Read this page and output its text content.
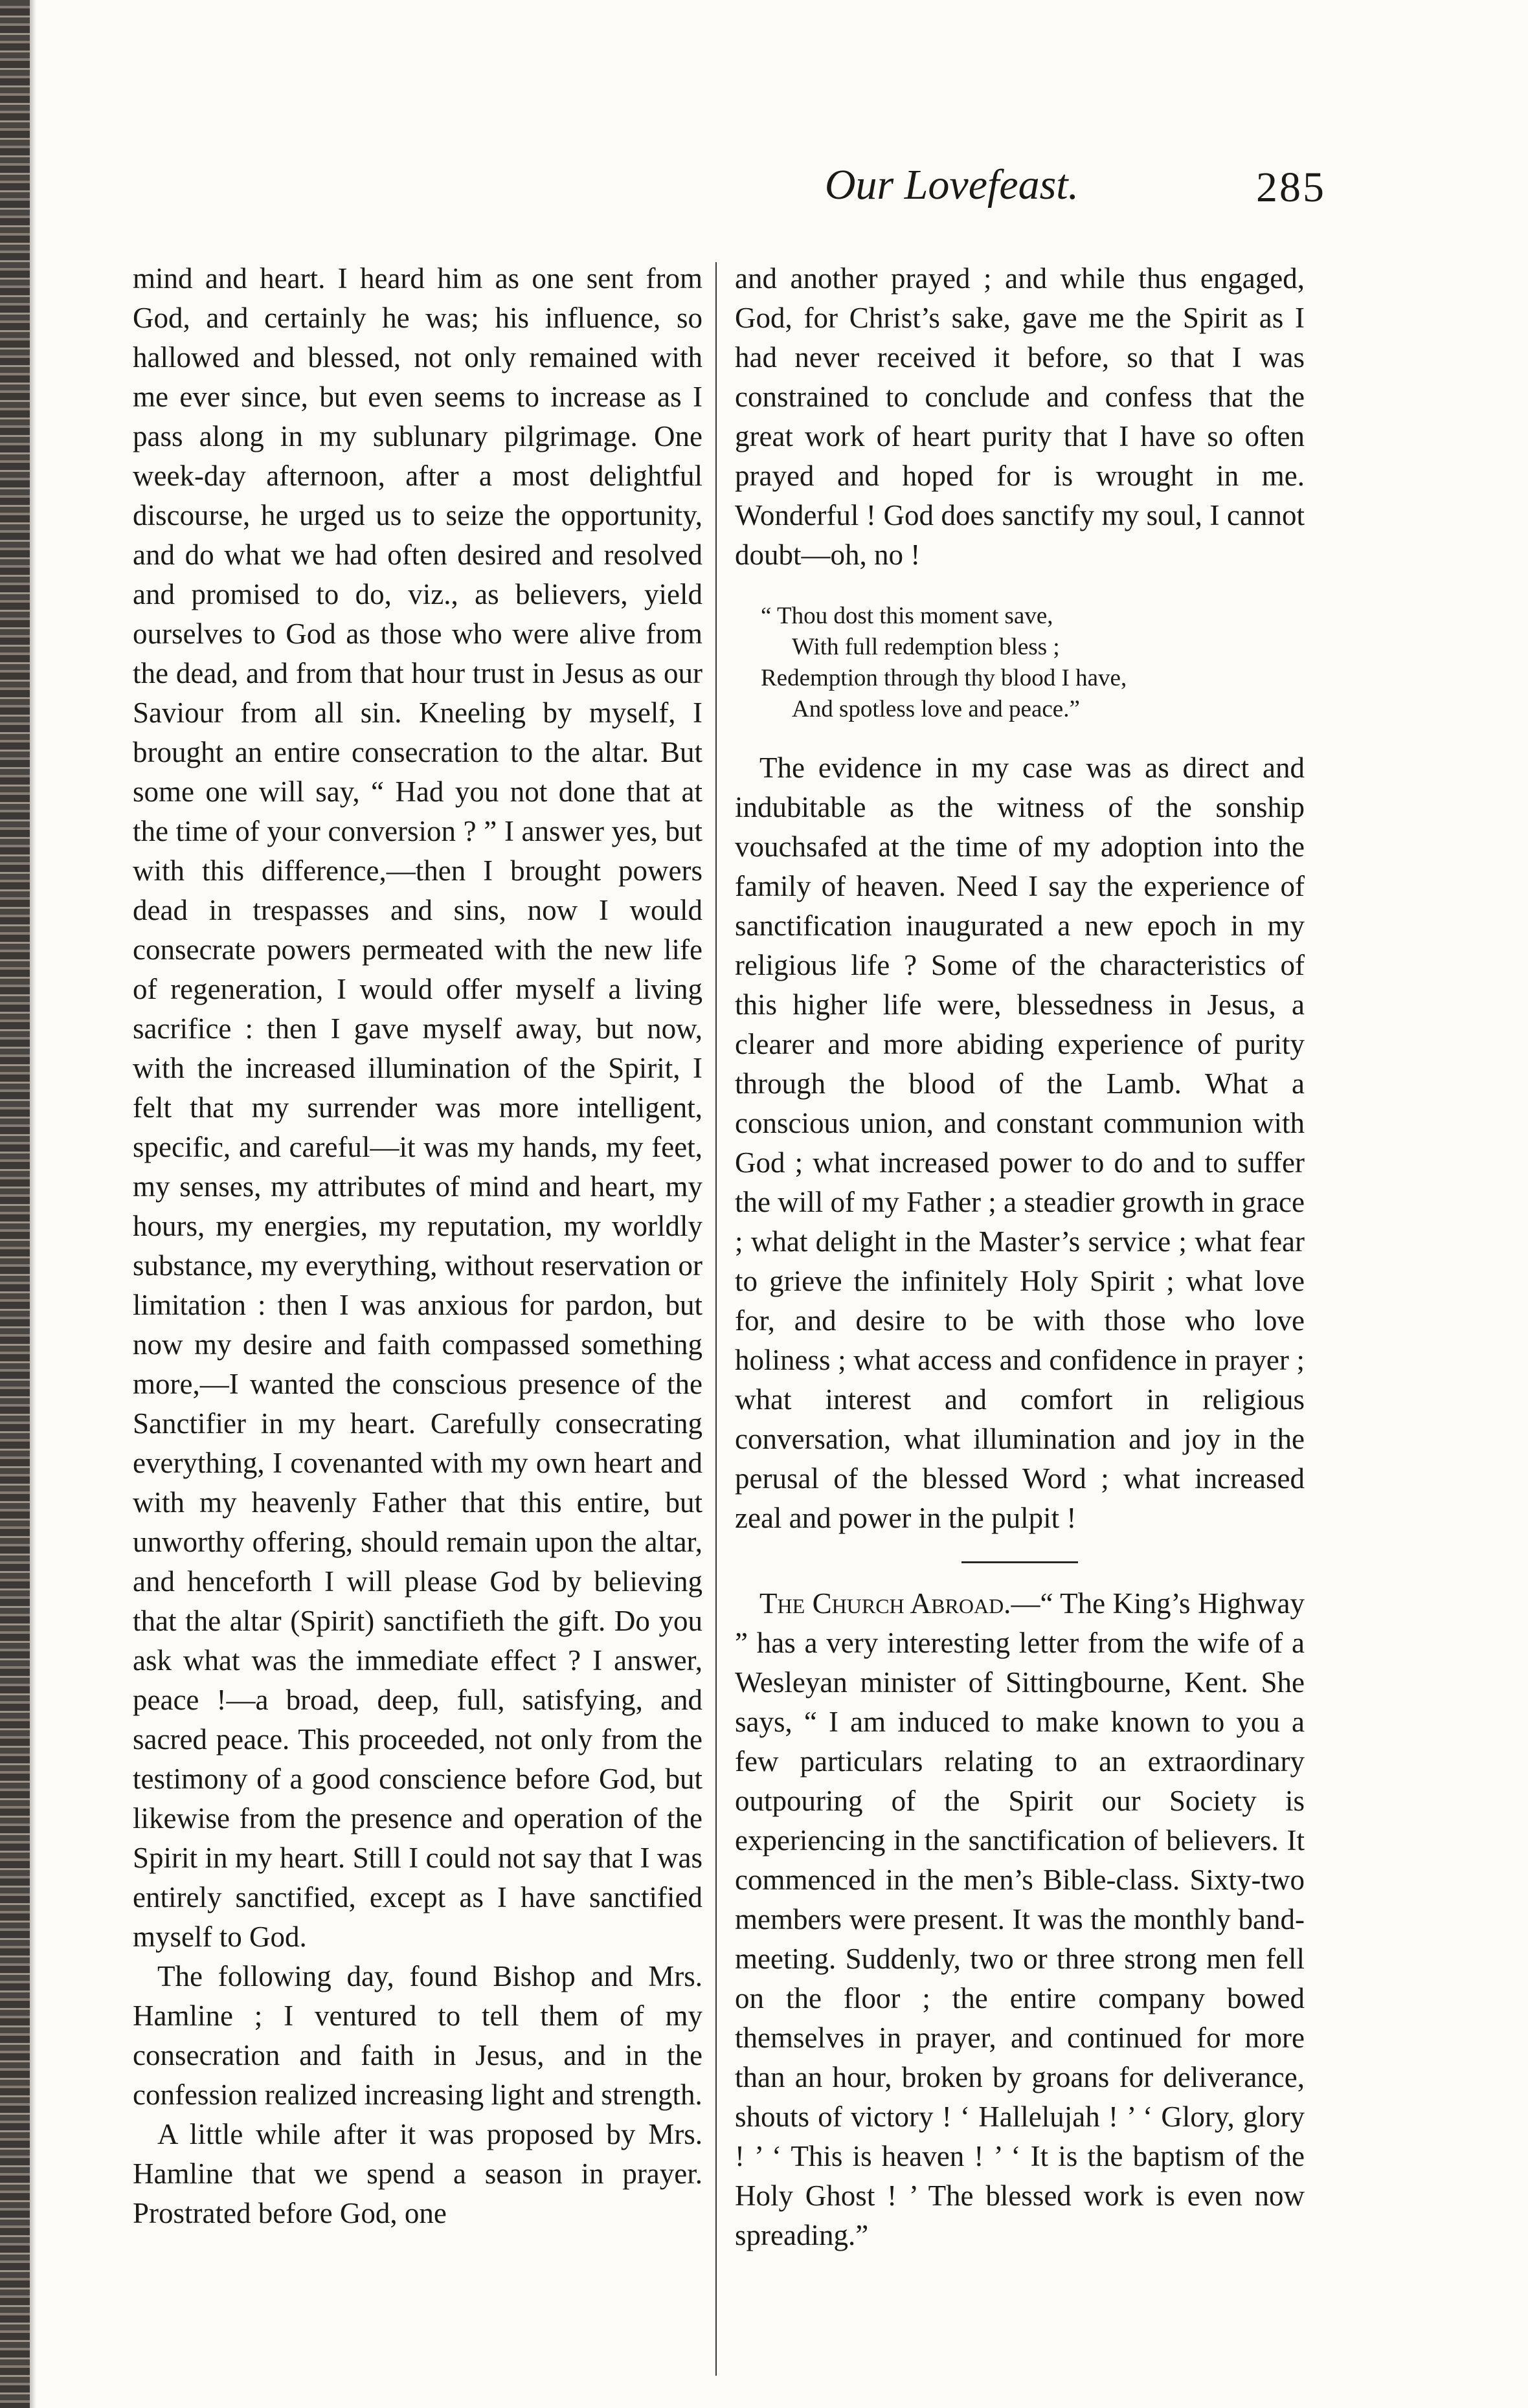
Our Lovefeast.	285

mind and heart. I heard him as one sent from God, and certainly he was; his influence, so hallowed and blessed, not only remained with me ever since, but even seems to increase as I pass along in my sublunary pilgrimage. One week-day afternoon, after a most delightful discourse, he urged us to seize the opportunity, and do what we had often desired and resolved and promised to do, viz., as believers, yield ourselves to God as those who were alive from the dead, and from that hour trust in Jesus as our Saviour from all sin. Kneeling by myself, I brought an entire consecration to the altar. But some one will say, “ Had you not done that at the time of your conversion ? ” I answer yes, but with this difference,—then I brought powers dead in trespasses and sins, now I would consecrate powers permeated with the new life of regeneration, I would offer myself a living sacrifice : then I gave myself away, but now, with the increased illumination of the Spirit, I felt that my surrender was more intelligent, specific, and careful—it was my hands, my feet, my senses, my attributes of mind and heart, my hours, my energies, my reputation, my worldly substance, my everything, without reservation or limitation : then I was anxious for pardon, but now my desire and faith compassed something more,—I wanted the conscious presence of the Sanctifier in my heart. Carefully consecrating everything, I covenanted with my own heart and with my heavenly Father that this entire, but unworthy offering, should remain upon the altar, and henceforth I will please God by believing that the altar (Spirit) sanctifieth the gift. Do you ask what was the immediate effect ? I answer, peace !—a broad, deep, full, satisfying, and sacred peace. This proceeded, not only from the testimony of a good conscience before God, but likewise from the presence and operation of the Spirit in my heart. Still I could not say that I was entirely sanctified, except as I have sanctified myself to God.

The following day, found Bishop and Mrs. Hamline ; I ventured to tell them of my consecration and faith in Jesus, and in the confession realized increasing light and strength.

A little while after it was proposed by Mrs. Hamline that we spend a season in prayer. Prostrated before God, one

and another prayed ; and while thus engaged, God, for Christ’s sake, gave me the Spirit as I had never received it before, so that I was constrained to conclude and confess that the great work of heart purity that I have so often prayed and hoped for is wrought in me. Wonderful ! God does sanctify my soul, I cannot doubt—oh, no !

“ Thou dost this moment save,
With full redemption bless ;
Redemption through thy blood I have,
And spotless love and peace.”

The evidence in my case was as direct and indubitable as the witness of the sonship vouchsafed at the time of my adoption into the family of heaven. Need I say the experience of sanctification inaugurated a new epoch in my religious life ? Some of the characteristics of this higher life were, blessedness in Jesus, a clearer and more abiding experience of purity through the blood of the Lamb. What a conscious union, and constant communion with God ; what increased power to do and to suffer the will of my Father ; a steadier growth in grace ; what delight in the Master’s service ; what fear to grieve the infinitely Holy Spirit ; what love for, and desire to be with those who love holiness ; what access and confidence in prayer ; what interest and comfort in religious conversation, what illumination and joy in the perusal of the blessed Word ; what increased zeal and power in the pulpit !

The Church Abroad.—“ The King’s Highway ” has a very interesting letter from the wife of a Wesleyan minister of Sittingbourne, Kent. She says, “ I am induced to make known to you a few particulars relating to an extraordinary outpouring of the Spirit our Society is experiencing in the sanctification of believers. It commenced in the men’s Bible-class. Sixty-two members were present. It was the monthly band-meeting. Suddenly, two or three strong men fell on the floor ; the entire company bowed themselves in prayer, and continued for more than an hour, broken by groans for deliverance, shouts of victory ! ‘ Hallelujah ! ’ ‘ Glory, glory ! ’ ‘ This is heaven ! ’ ‘ It is the baptism of the Holy Ghost ! ’ The blessed work is even now spreading.”
